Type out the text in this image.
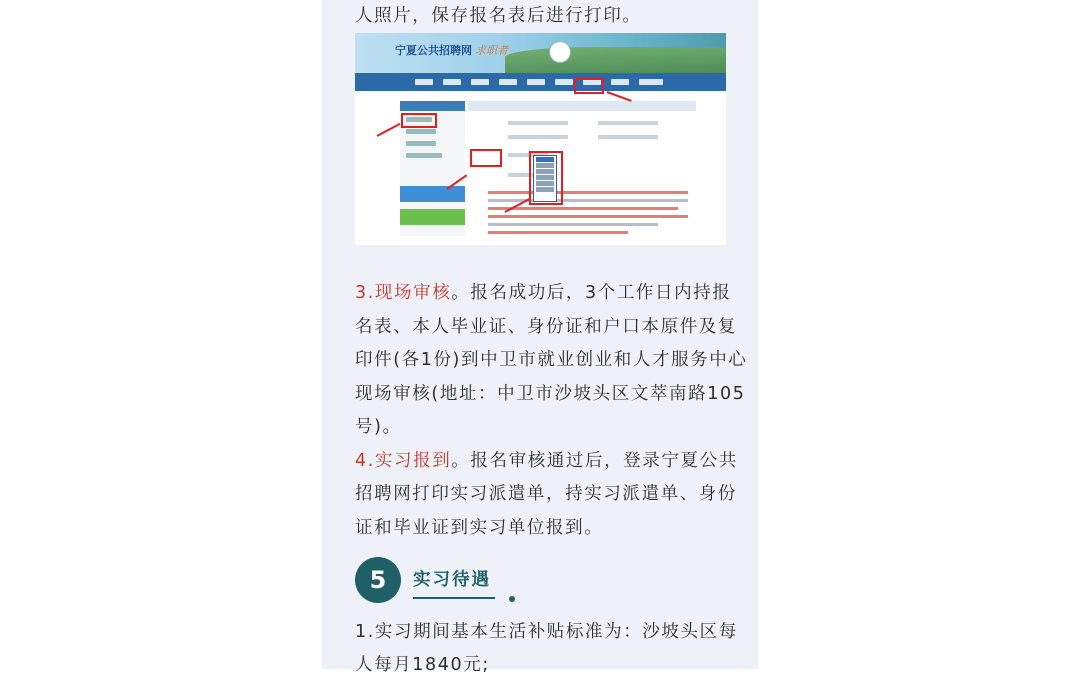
人照片，保存报名表后进行打印。
宁夏公共招聘网 求职者
3.现场审核。报名成功后，3个工作日内持报
名表、本人毕业证、身份证和户口本原件及复
印件(各1份)到中卫市就业创业和人才服务中心
现场审核(地址：中卫市沙坡头区文萃南路105
号)。
4.实习报到。报名审核通过后，登录宁夏公共
招聘网打印实习派遣单，持实习派遣单、身份
证和毕业证到实习单位报到。
5	实习待遇
1.实习期间基本生活补贴标准为：沙坡头区每
人每月1840元;
